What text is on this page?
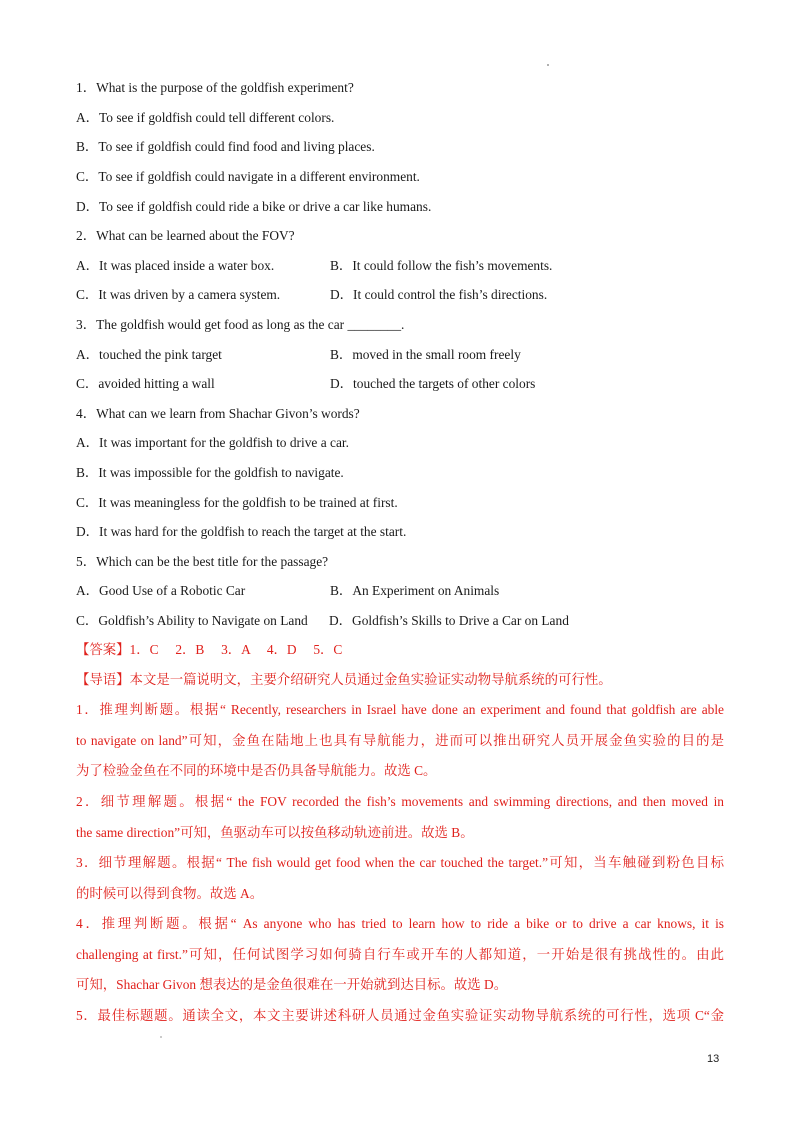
1．What is the purpose of the goldfish experiment?
A．To see if goldfish could tell different colors.
B．To see if goldfish could find food and living places.
C．To see if goldfish could navigate in a different environment.
D．To see if goldfish could ride a bike or drive a car like humans.
2．What can be learned about the FOV?
A．It was placed inside a water box.	B．It could follow the fish’s movements.
C．It was driven by a camera system.	D．It could control the fish’s directions.
3．The goldfish would get food as long as the car ________.
A．touched the pink target	B．moved in the small room freely
C．avoided hitting a wall	D．touched the targets of other colors
4．What can we learn from Shachar Givon’s words?
A．It was important for the goldfish to drive a car.
B．It was impossible for the goldfish to navigate.
C．It was meaningless for the goldfish to be trained at first.
D．It was hard for the goldfish to reach the target at the start.
5．Which can be the best title for the passage?
A．Good Use of a Robotic Car	B．An Experiment on Animals
C．Goldfish’s Ability to Navigate on Land D．Goldfish’s Skills to Drive a Car on Land
【答案】1．C　 2．B　 3．A　 4．D　 5．C
【导语】本文是一篇说明文，主要介绍研究人员通过金鱼实验证实动物导航系统的可行性。
1．推理判断题。根据“ Recently, researchers in Israel have done an experiment and found that goldfish are able
to navigate on land”可知，金鱼在陆地上也具有导航能力，进而可以推出研究人员开展金鱼实验的目的是
为了检验金鱼在不同的环境中是否仍具备导航能力。故选 C。
2．细节理解题。根据“ the FOV recorded the fish’s movements and swimming directions, and then moved in
the same direction”可知，鱼驱动车可以按鱼移动轨迹前进。故选 B。
3．细节理解题。根据“ The fish would get food when the car touched the target.”可知，当车触碰到粉色目标
的时候可以得到食物。故选 A。
4．推理判断题。根据“ As anyone who has tried to learn how to ride a bike or to drive a car knows, it is
challenging at first.”可知，任何试图学习如何骑自行车或开车的人都知道，一开始是很有挑战性的。由此
可知，Shachar Givon 想表达的是金鱼很难在一开始就到达目标。故选 D。
5．最佳标题题。通读全文，本文主要讲述科研人员通过金鱼实验证实动物导航系统的可行性，选项 C“金
13
